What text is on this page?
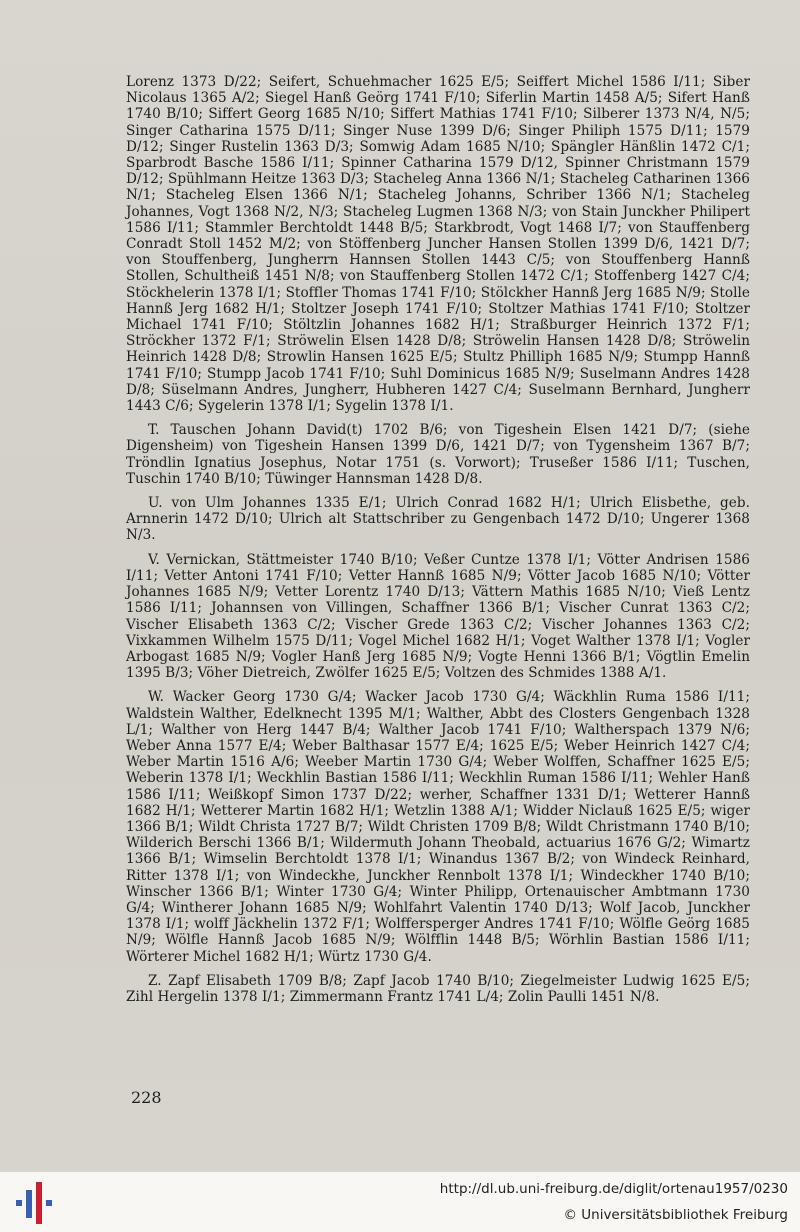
Lorenz 1373 D/22; Seifert, Schuehmacher 1625 E/5; Seiffert Michel 1586 I/11; Siber Nicolaus 1365 A/2; Siegel Hanß Geörg 1741 F/10; Siferlin Martin 1458 A/5; Sifert Hanß 1740 B/10; Siffert Georg 1685 N/10; Siffert Mathias 1741 F/10; Silberer 1373 N/4, N/5; Singer Catharina 1575 D/11; Singer Nuse 1399 D/6; Singer Philiph 1575 D/11; 1579 D/12; Singer Rustelin 1363 D/3; Somwig Adam 1685 N/10; Spängler Hänßlin 1472 C/1; Sparbrodt Basche 1586 I/11; Spinner Catharina 1579 D/12, Spinner Christmann 1579 D/12; Spühlmann Heitze 1363 D/3; Stacheleg Anna 1366 N/1; Stacheleg Catharinen 1366 N/1; Stacheleg Elsen 1366 N/1; Stacheleg Johanns, Schriber 1366 N/1; Stacheleg Johannes, Vogt 1368 N/2, N/3; Stacheleg Lugmen 1368 N/3; von Stain Junckher Philipert 1586 I/11; Stammler Berchtoldt 1448 B/5; Starkbrodt, Vogt 1468 I/7; von Stauffenberg Conradt Stoll 1452 M/2; von Stöffenberg Juncher Hansen Stollen 1399 D/6, 1421 D/7; von Stouffenberg, Jungherrn Hannsen Stollen 1443 C/5; von Stouffenberg Hannß Stollen, Schultheiß 1451 N/8; von Stauffenberg Stollen 1472 C/1; Stoffenberg 1427 C/4; Stöckhelerin 1378 I/1; Stoffler Thomas 1741 F/10; Stölckher Hannß Jerg 1685 N/9; Stolle Hannß Jerg 1682 H/1; Stoltzer Joseph 1741 F/10; Stoltzer Mathias 1741 F/10; Stoltzer Michael 1741 F/10; Stöltzlin Johannes 1682 H/1; Straßburger Heinrich 1372 F/1; Ströckher 1372 F/1; Ströwelin Elsen 1428 D/8; Ströwelin Hansen 1428 D/8; Ströwelin Heinrich 1428 D/8; Strowlin Hansen 1625 E/5; Stultz Philliph 1685 N/9; Stumpp Hannß 1741 F/10; Stumpp Jacob 1741 F/10; Suhl Dominicus 1685 N/9; Suselmann Andres 1428 D/8; Süselmann Andres, Jungherr, Hubheren 1427 C/4; Suselmann Bernhard, Jungherr 1443 C/6; Sygelerin 1378 I/1; Sygelin 1378 I/1.

T. Tauschen Johann David(t) 1702 B/6; von Tigeshein Elsen 1421 D/7; (siehe Digensheim) von Tigeshein Hansen 1399 D/6, 1421 D/7; von Tygensheim 1367 B/7; Tröndlin Ignatius Josephus, Notar 1751 (s. Vorwort); Truseßer 1586 I/11; Tuschen, Tuschin 1740 B/10; Tüwinger Hannsman 1428 D/8.

U. von Ulm Johannes 1335 E/1; Ulrich Conrad 1682 H/1; Ulrich Elisbethe, geb. Arnnerin 1472 D/10; Ulrich alt Stattschriber zu Gengenbach 1472 D/10; Ungerer 1368 N/3.

V. Vernickan, Stättmeister 1740 B/10; Veßer Cuntze 1378 I/1; Vötter Andrisen 1586 I/11; Vetter Antoni 1741 F/10; Vetter Hannß 1685 N/9; Vötter Jacob 1685 N/10; Vötter Johannes 1685 N/9; Vetter Lorentz 1740 D/13; Vättern Mathis 1685 N/10; Vieß Lentz 1586 I/11; Johannsen von Villingen, Schaffner 1366 B/1; Vischer Cunrat 1363 C/2; Vischer Elisabeth 1363 C/2; Vischer Grede 1363 C/2; Vischer Johannes 1363 C/2; Vixkammen Wilhelm 1575 D/11; Vogel Michel 1682 H/1; Voget Walther 1378 I/1; Vogler Arbogast 1685 N/9; Vogler Hanß Jerg 1685 N/9; Vogte Henni 1366 B/1; Vögtlin Emelin 1395 B/3; Vöher Dietreich, Zwölfer 1625 E/5; Voltzen des Schmides 1388 A/1.

W. Wacker Georg 1730 G/4; Wacker Jacob 1730 G/4; Wäckhlin Ruma 1586 I/11; Waldstein Walther, Edelknecht 1395 M/1; Walther, Abbt des Closters Gengenbach 1328 L/1; Walther von Herg 1447 B/4; Walther Jacob 1741 F/10; Waltherspach 1379 N/6; Weber Anna 1577 E/4; Weber Balthasar 1577 E/4; 1625 E/5; Weber Heinrich 1427 C/4; Weber Martin 1516 A/6; Weeber Martin 1730 G/4; Weber Wolffen, Schaffner 1625 E/5; Weberin 1378 I/1; Weckhlin Bastian 1586 I/11; Weckhlin Ruman 1586 I/11; Wehler Hanß 1586 I/11; Weißkopf Simon 1737 D/22; werher, Schaffner 1331 D/1; Wetterer Hannß 1682 H/1; Wetterer Martin 1682 H/1; Wetzlin 1388 A/1; Widder Niclauß 1625 E/5; wiger 1366 B/1; Wildt Christa 1727 B/7; Wildt Christen 1709 B/8; Wildt Christmann 1740 B/10; Wilderich Berschi 1366 B/1; Wildermuth Johann Theobald, actuarius 1676 G/2; Wimartz 1366 B/1; Wimselin Berchtoldt 1378 I/1; Winandus 1367 B/2; von Windeck Reinhard, Ritter 1378 I/1; von Windeckhe, Junckher Rennbolt 1378 I/1; Windeckher 1740 B/10; Winscher 1366 B/1; Winter 1730 G/4; Winter Philipp, Ortenauischer Ambtmann 1730 G/4; Wintherer Johann 1685 N/9; Wohlfahrt Valentin 1740 D/13; Wolf Jacob, Junckher 1378 I/1; wolff Jäckhelin 1372 F/1; Wolffersperger Andres 1741 F/10; Wölfle Geörg 1685 N/9; Wölfle Hannß Jacob 1685 N/9; Wölfflin 1448 B/5; Wörhlin Bastian 1586 I/11; Wörterer Michel 1682 H/1; Würtz 1730 G/4.

Z. Zapf Elisabeth 1709 B/8; Zapf Jacob 1740 B/10; Ziegelmeister Ludwig 1625 E/5; Zihl Hergelin 1378 I/1; Zimmermann Frantz 1741 L/4; Zolin Paulli 1451 N/8.

228
http://dl.ub.uni-freiburg.de/diglit/ortenau1957/0230
© Universitätsbibliothek Freiburg
